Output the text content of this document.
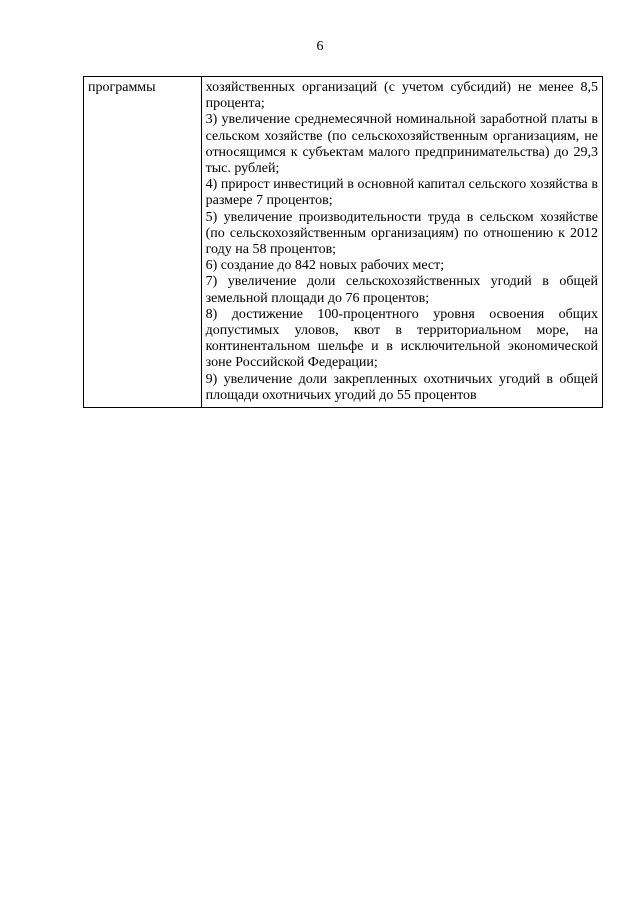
6
программы	хозяйственных организаций (с учетом субсидий) не менее 8,5 процента;

3) увеличение среднемесячной номинальной заработной платы в сельском хозяйстве (по сельскохозяйственным организациям, не относящимся к субъектам малого предпринимательства) до 29,3 тыс. рублей;

4) прирост инвестиций в основной капитал сельского хозяйства в размере 7 процентов;

5) увеличение производительности труда в сельском хозяйстве (по сельскохозяйственным организациям) по отношению к 2012 году на 58 процентов;

6) создание до 842 новых рабочих мест;

7) увеличение доли сельскохозяйственных угодий в общей земельной площади до 76 процентов;

8) достижение 100-процентного уровня освоения общих допустимых уловов, квот в территориальном море, на континентальном шельфе и в исключительной экономической зоне Российской Федерации;

9) увеличение доли закрепленных охотничьих угодий в общей площади охотничьих угодий до 55 процентов
